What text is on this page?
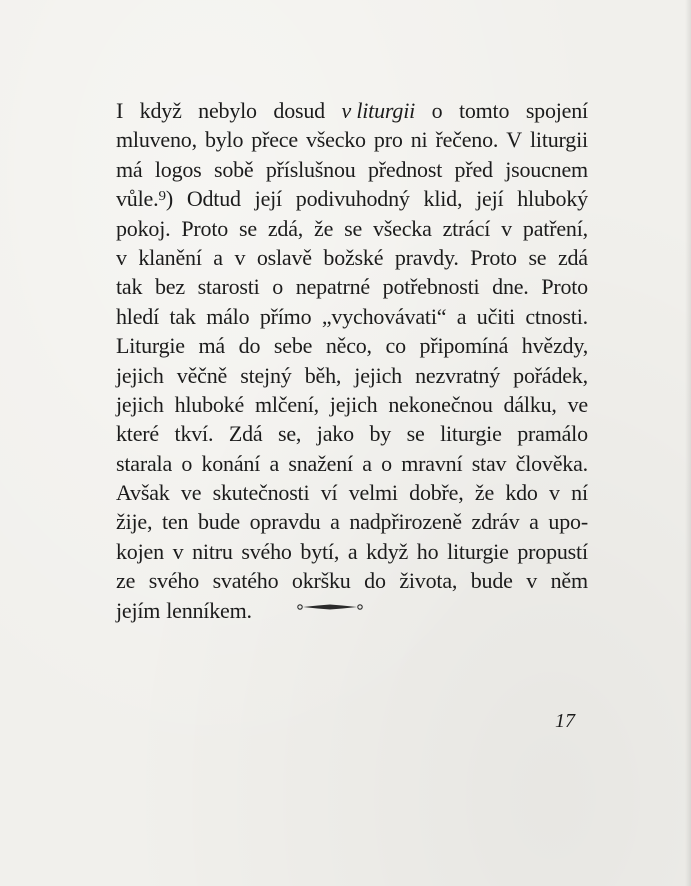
I když nebylo dosud v liturgii o tomto spojení
mluveno, bylo přece všecko pro ni řečeno. V liturgii
má logos sobě příslušnou přednost před jsoucnem
vůle.⁹) Odtud její podivuhodný klid, její hluboký
pokoj. Proto se zdá, že se všecka ztrácí v patření,
v klanění a v oslavě božské pravdy. Proto se zdá
tak bez starosti o nepatrné potřebnosti dne. Proto
hledí tak málo přímo „vychovávati“ a učiti ctnosti.
Liturgie má do sebe něco, co připomíná hvězdy,
jejich věčně stejný běh, jejich nezvratný pořádek,
jejich hluboké mlčení, jejich nekonečnou dálku, ve
které tkví. Zdá se, jako by se liturgie pramálo
starala o konání a snažení a o mravní stav člověka.
Avšak ve skutečnosti ví velmi dobře, že kdo v ní
žije, ten bude opravdu a nadpřirozeně zdráv a upo-
kojen v nitru svého bytí, a když ho liturgie propustí
ze svého svatého okršku do života, bude v něm
jejím lenníkem.
17
